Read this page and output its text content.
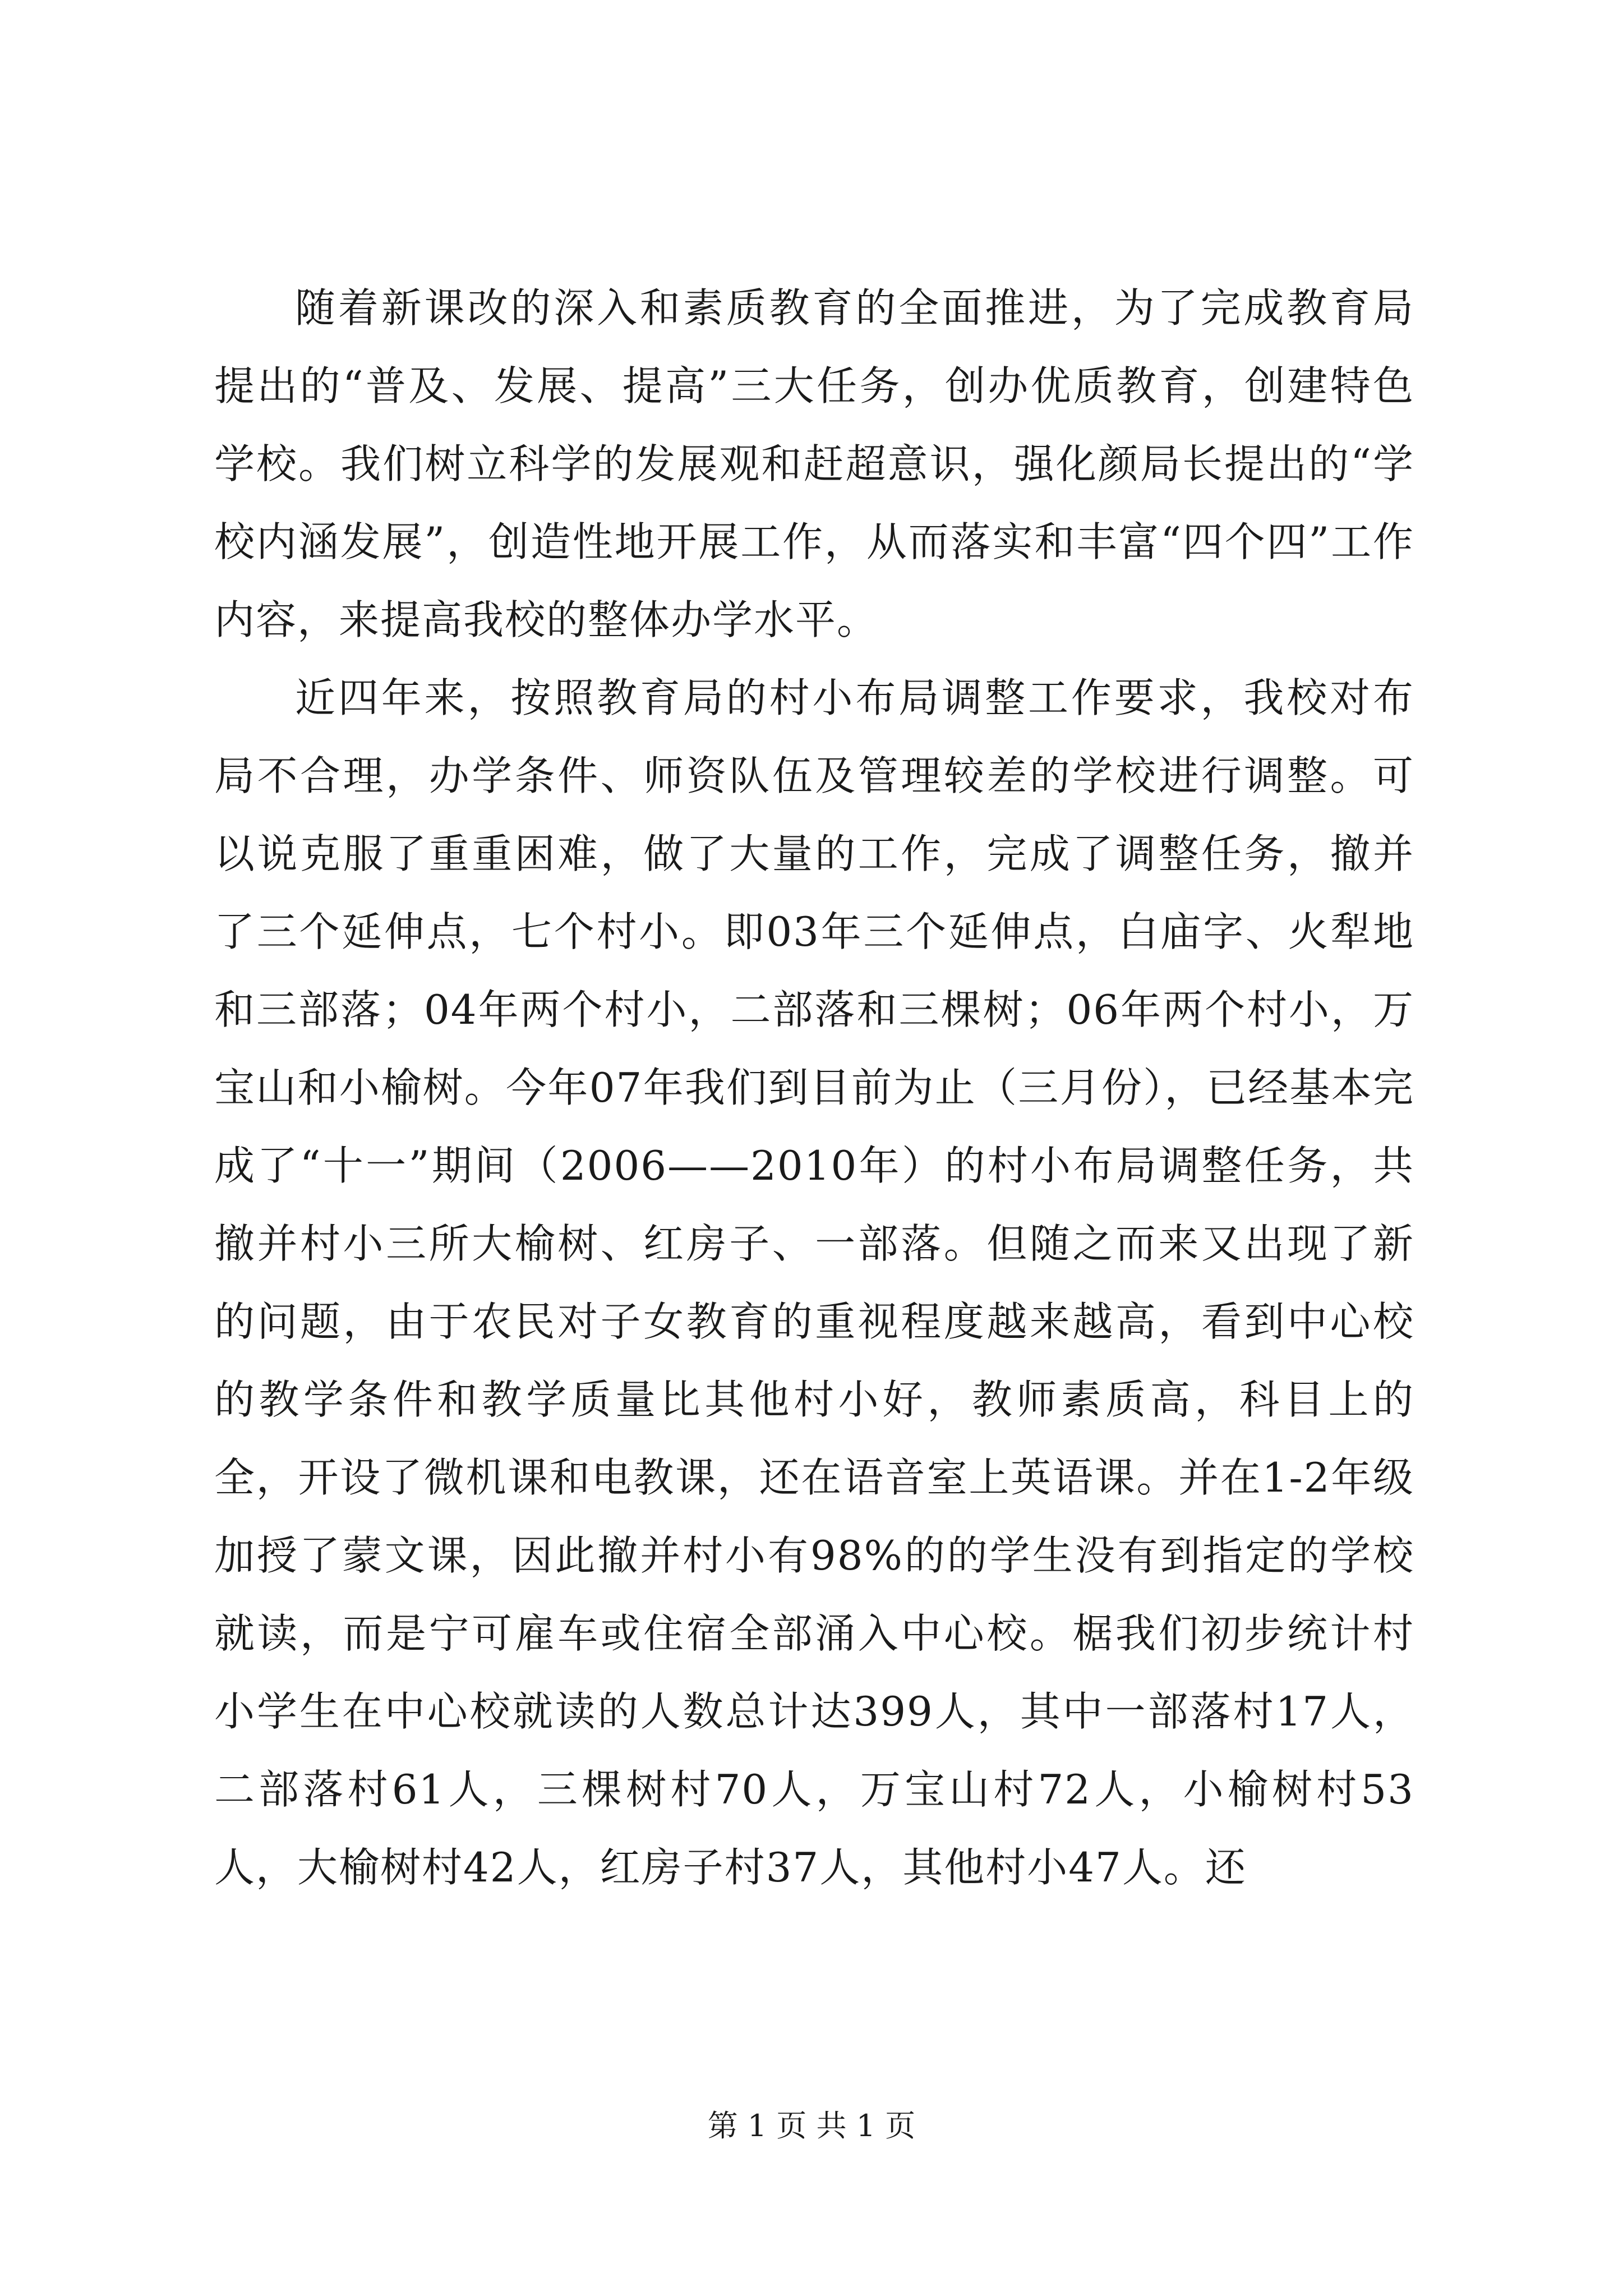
随着新课改的深入和素质教育的全面推进，为了完成教育局提出的“普及、发展、提高”三大任务，创办优质教育，创建特色学校。我们树立科学的发展观和赶超意识，强化颜局长提出的“学校内涵发展”，创造性地开展工作，从而落实和丰富“四个四”工作内容，来提高我校的整体办学水平。

近四年来，按照教育局的村小布局调整工作要求，我校对布局不合理，办学条件、师资队伍及管理较差的学校进行调整。可以说克服了重重困难，做了大量的工作，完成了调整任务，撤并了三个延伸点，七个村小。即03年三个延伸点，白庙字、火犁地和三部落；04年两个村小，二部落和三棵树；06年两个村小，万宝山和小榆树。今年07年我们到目前为止（三月份），已经基本完成了“十一”期间（2006——2010年）的村小布局调整任务，共撤并村小三所大榆树、红房子、一部落。但随之而来又出现了新的问题，由于农民对子女教育的重视程度越来越高，看到中心校的教学条件和教学质量比其他村小好，教师素质高，科目上的全，开设了微机课和电教课，还在语音室上英语课。并在1-2年级加授了蒙文课，因此撤并村小有98%的的学生没有到指定的学校就读，而是宁可雇车或住宿全部涌入中心校。椐我们初步统计村小学生在中心校就读的人数总计达399人，其中一部落村17人，二部落村61人，三棵树村70人，万宝山村72人，小榆树村53人，大榆树村42人，红房子村37人，其他村小47人。还

第 1 页 共 1 页
